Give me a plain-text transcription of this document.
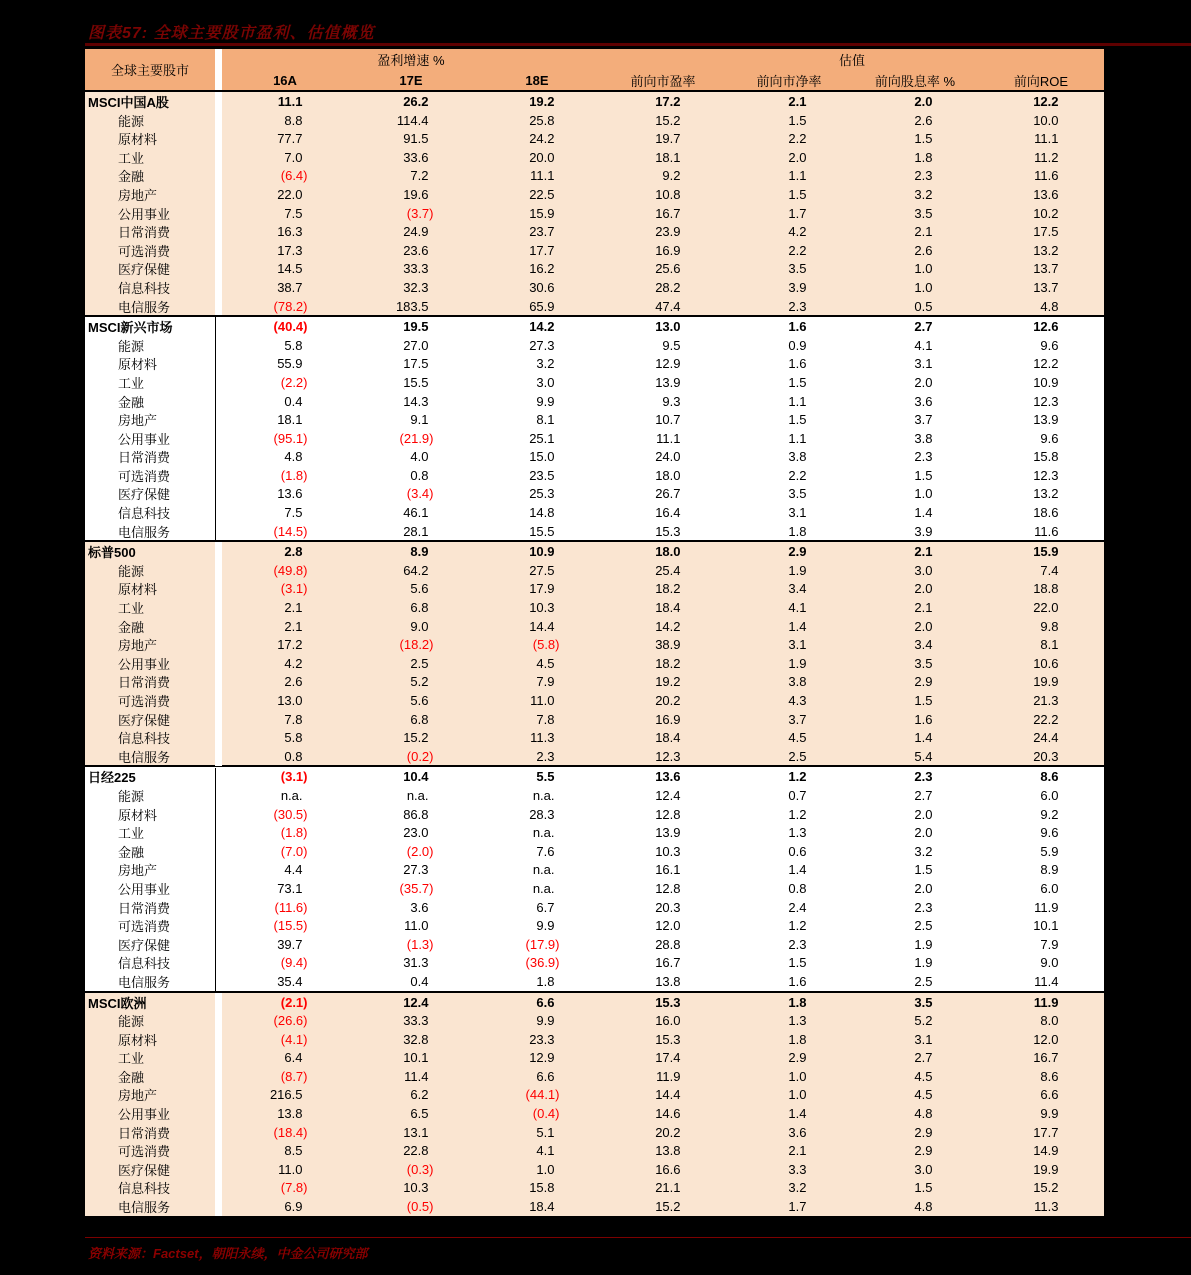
图表57: 全球主要股市盈利、估值概览
全球主要股市
盈利增速 %	估值
16A	17E	18E	前向市盈率	前向市净率	前向股息率 %	前向ROE
MSCI中国A股	11.1	26.2	19.2	17.2	2.1	2.0	12.2
能源	8.8	114.4	25.8	15.2	1.5	2.6	10.0
原材料	77.7	91.5	24.2	19.7	2.2	1.5	11.1
工业	7.0	33.6	20.0	18.1	2.0	1.8	11.2
金融	(6.4)	7.2	11.1	9.2	1.1	2.3	11.6
房地产	22.0	19.6	22.5	10.8	1.5	3.2	13.6
公用事业	7.5	(3.7)	15.9	16.7	1.7	3.5	10.2
日常消费	16.3	24.9	23.7	23.9	4.2	2.1	17.5
可选消费	17.3	23.6	17.7	16.9	2.2	2.6	13.2
医疗保健	14.5	33.3	16.2	25.6	3.5	1.0	13.7
信息科技	38.7	32.3	30.6	28.2	3.9	1.0	13.7
电信服务	(78.2)	183.5	65.9	47.4	2.3	0.5	4.8
MSCI新兴市场	(40.4)	19.5	14.2	13.0	1.6	2.7	12.6
能源	5.8	27.0	27.3	9.5	0.9	4.1	9.6
原材料	55.9	17.5	3.2	12.9	1.6	3.1	12.2
工业	(2.2)	15.5	3.0	13.9	1.5	2.0	10.9
金融	0.4	14.3	9.9	9.3	1.1	3.6	12.3
房地产	18.1	9.1	8.1	10.7	1.5	3.7	13.9
公用事业	(95.1)	(21.9)	25.1	11.1	1.1	3.8	9.6
日常消费	4.8	4.0	15.0	24.0	3.8	2.3	15.8
可选消费	(1.8)	0.8	23.5	18.0	2.2	1.5	12.3
医疗保健	13.6	(3.4)	25.3	26.7	3.5	1.0	13.2
信息科技	7.5	46.1	14.8	16.4	3.1	1.4	18.6
电信服务	(14.5)	28.1	15.5	15.3	1.8	3.9	11.6
标普500	2.8	8.9	10.9	18.0	2.9	2.1	15.9
能源	(49.8)	64.2	27.5	25.4	1.9	3.0	7.4
原材料	(3.1)	5.6	17.9	18.2	3.4	2.0	18.8
工业	2.1	6.8	10.3	18.4	4.1	2.1	22.0
金融	2.1	9.0	14.4	14.2	1.4	2.0	9.8
房地产	17.2	(18.2)	(5.8)	38.9	3.1	3.4	8.1
公用事业	4.2	2.5	4.5	18.2	1.9	3.5	10.6
日常消费	2.6	5.2	7.9	19.2	3.8	2.9	19.9
可选消费	13.0	5.6	11.0	20.2	4.3	1.5	21.3
医疗保健	7.8	6.8	7.8	16.9	3.7	1.6	22.2
信息科技	5.8	15.2	11.3	18.4	4.5	1.4	24.4
电信服务	0.8	(0.2)	2.3	12.3	2.5	5.4	20.3
日经225	(3.1)	10.4	5.5	13.6	1.2	2.3	8.6
能源	n.a.	n.a.	n.a.	12.4	0.7	2.7	6.0
原材料	(30.5)	86.8	28.3	12.8	1.2	2.0	9.2
工业	(1.8)	23.0	n.a.	13.9	1.3	2.0	9.6
金融	(7.0)	(2.0)	7.6	10.3	0.6	3.2	5.9
房地产	4.4	27.3	n.a.	16.1	1.4	1.5	8.9
公用事业	73.1	(35.7)	n.a.	12.8	0.8	2.0	6.0
日常消费	(11.6)	3.6	6.7	20.3	2.4	2.3	11.9
可选消费	(15.5)	11.0	9.9	12.0	1.2	2.5	10.1
医疗保健	39.7	(1.3)	(17.9)	28.8	2.3	1.9	7.9
信息科技	(9.4)	31.3	(36.9)	16.7	1.5	1.9	9.0
电信服务	35.4	0.4	1.8	13.8	1.6	2.5	11.4
MSCI欧洲	(2.1)	12.4	6.6	15.3	1.8	3.5	11.9
能源	(26.6)	33.3	9.9	16.0	1.3	5.2	8.0
原材料	(4.1)	32.8	23.3	15.3	1.8	3.1	12.0
工业	6.4	10.1	12.9	17.4	2.9	2.7	16.7
金融	(8.7)	11.4	6.6	11.9	1.0	4.5	8.6
房地产	216.5	6.2	(44.1)	14.4	1.0	4.5	6.6
公用事业	13.8	6.5	(0.4)	14.6	1.4	4.8	9.9
日常消费	(18.4)	13.1	5.1	20.2	3.6	2.9	17.7
可选消费	8.5	22.8	4.1	13.8	2.1	2.9	14.9
医疗保健	11.0	(0.3)	1.0	16.6	3.3	3.0	19.9
信息科技	(7.8)	10.3	15.8	21.1	3.2	1.5	15.2
电信服务	6.9	(0.5)	18.4	15.2	1.7	4.8	11.3
资料来源：Factset，朝阳永续，中金公司研究部
